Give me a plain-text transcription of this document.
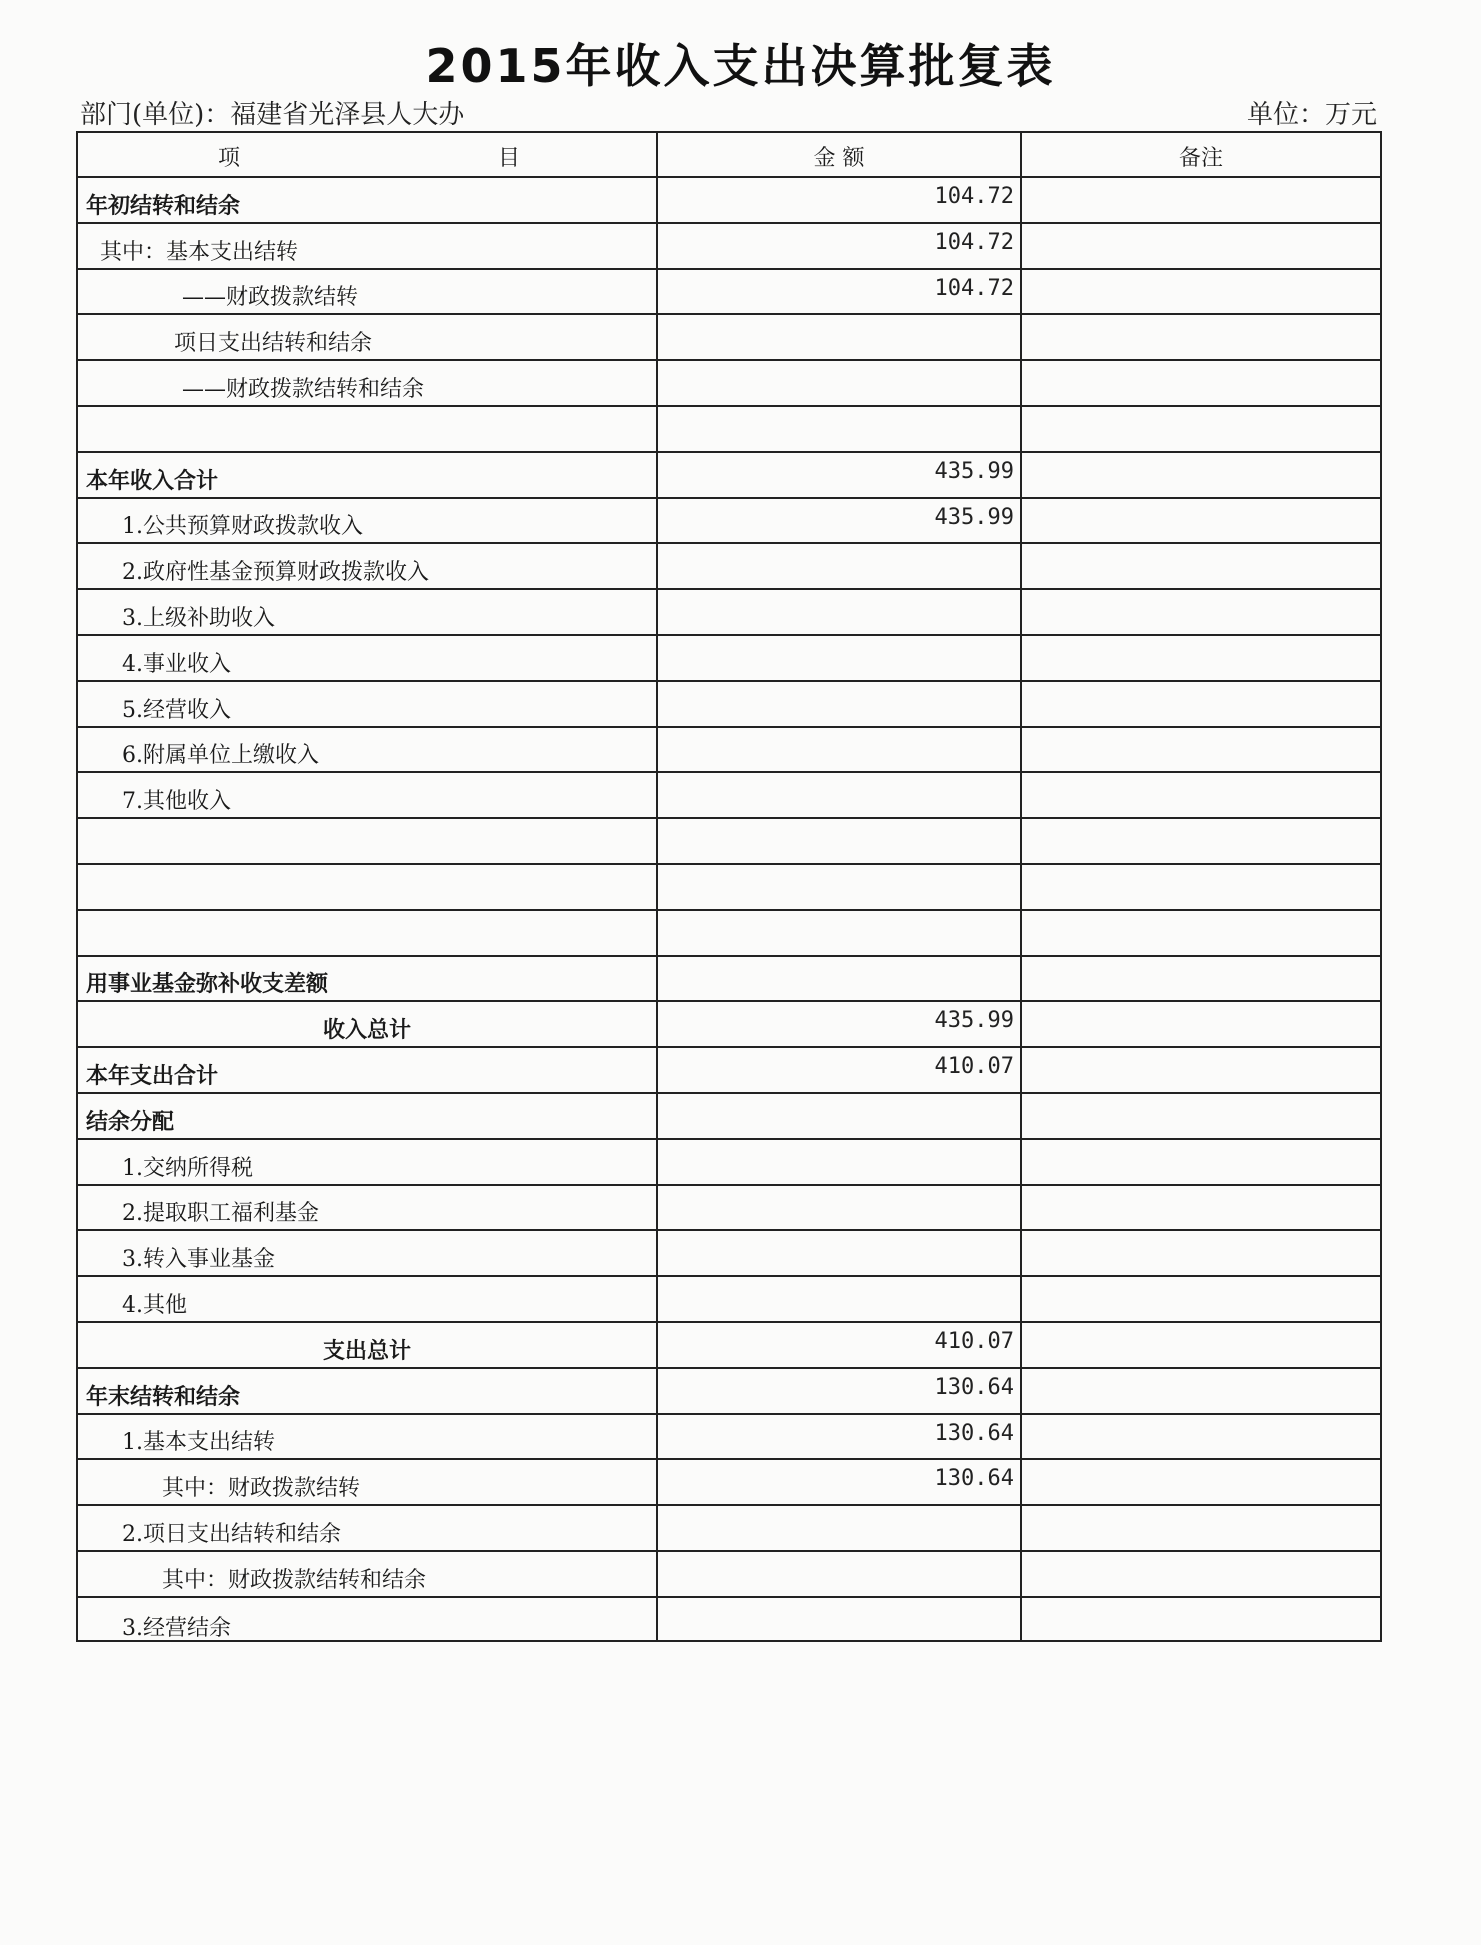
2015年收入支出决算批复表
部门(单位)：福建省光泽县人大办	单位：万元
项	目	金 额	备注
年初结转和结余	104.72
其中：基本支出结转	104.72
——财政拨款结转	104.72
项日支出结转和结余
——财政拨款结转和结余
本年收入合计	435.99
1.公共预算财政拨款收入	435.99
2.政府性基金预算财政拨款收入
3.上级补助收入
4.事业收入
5.经营收入
6.附属单位上缴收入
7.其他收入
用事业基金弥补收支差额
收入总计	435.99
本年支出合计	410.07
结余分配
1.交纳所得税
2.提取职工福利基金
3.转入事业基金
4.其他
支出总计	410.07
年末结转和结余	130.64
1.基本支出结转	130.64
其中：财政拨款结转	130.64
2.项日支出结转和结余
其中：财政拨款结转和结余
3.经营结余
